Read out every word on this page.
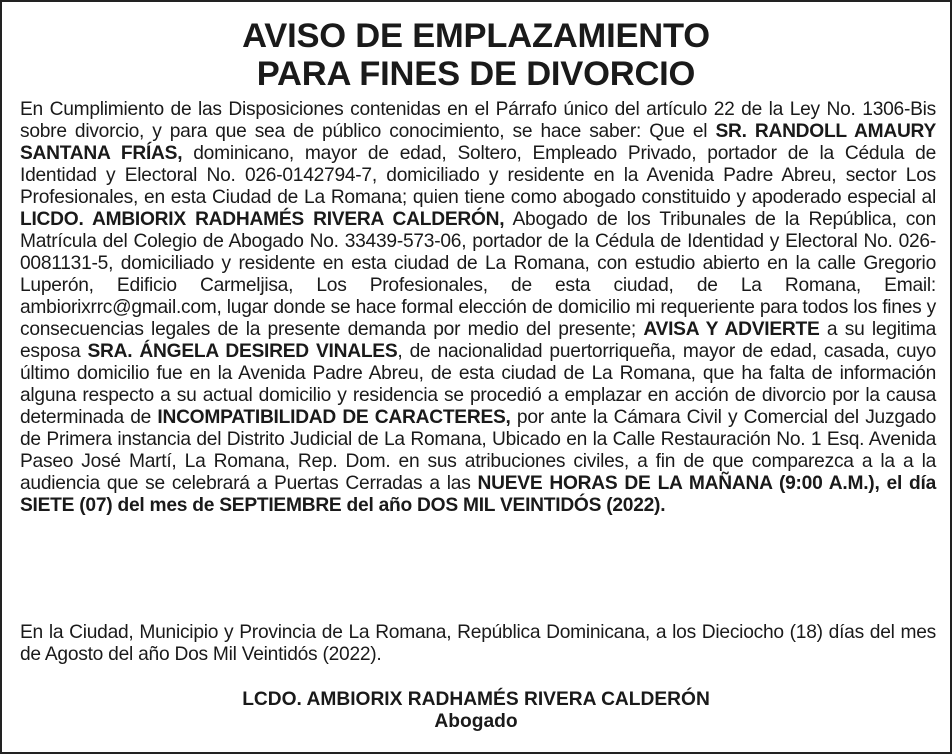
AVISO DE EMPLAZAMIENTO
PARA FINES DE DIVORCIO
En Cumplimiento de las Disposiciones contenidas en el Párrafo único del artículo 22 de la Ley No. 1306-Bis sobre divorcio, y para que sea de público conocimiento, se hace saber: Que el SR. RANDOLL AMAURY SANTANA FRÍAS, dominicano, mayor de edad, Soltero, Empleado Privado, portador de la Cédula de Identidad y Electoral No. 026-0142794-7, domiciliado y residente en la Avenida Padre Abreu, sector Los Profesionales, en esta Ciudad de La Romana; quien tiene como abogado constituido y apoderado especial al LICDO. AMBIORIX RADHAMÉS RIVERA CALDERÓN, Abogado de los Tribunales de la República, con Matrícula del Colegio de Abogado No. 33439-573-06, portador de la Cédula de Identidad y Electoral No. 026-0081131-5, domiciliado y residente en esta ciudad de La Romana, con estudio abierto en la calle Gregorio Luperón, Edificio Carmeljisa, Los Profesionales, de esta ciudad, de La Romana, Email: ambiorixrrc@gmail.com, lugar donde se hace formal elección de domicilio mi requeriente para todos los fines y consecuencias legales de la presente demanda por medio del presente; AVISA Y ADVIERTE a su legitima esposa SRA. ÁNGELA DESIRED VINALES, de nacionalidad puertorriqueña, mayor de edad, casada, cuyo último domicilio fue en la Avenida Padre Abreu, de esta ciudad de La Romana, que ha falta de información alguna respecto a su actual domicilio y residencia se procedió a emplazar en acción de divorcio por la causa determinada de INCOMPATIBILIDAD DE CARACTERES, por ante la Cámara Civil y Comercial del Juzgado de Primera instancia del Distrito Judicial de La Romana, Ubicado en la Calle Restauración No. 1 Esq. Avenida Paseo José Martí, La Romana, Rep. Dom. en sus atribuciones civiles, a fin de que comparezca a la a la audiencia que se celebrará a Puertas Cerradas a las NUEVE HORAS DE LA MAÑANA (9:00 A.M.), el día SIETE (07) del mes de SEPTIEMBRE del año DOS MIL VEINTIDÓS (2022).
En la Ciudad, Municipio y Provincia de La Romana, República Dominicana, a los Dieciocho (18) días del mes de Agosto del año Dos Mil Veintidós (2022).
LCDO. AMBIORIX RADHAMÉS RIVERA CALDERÓN
Abogado
